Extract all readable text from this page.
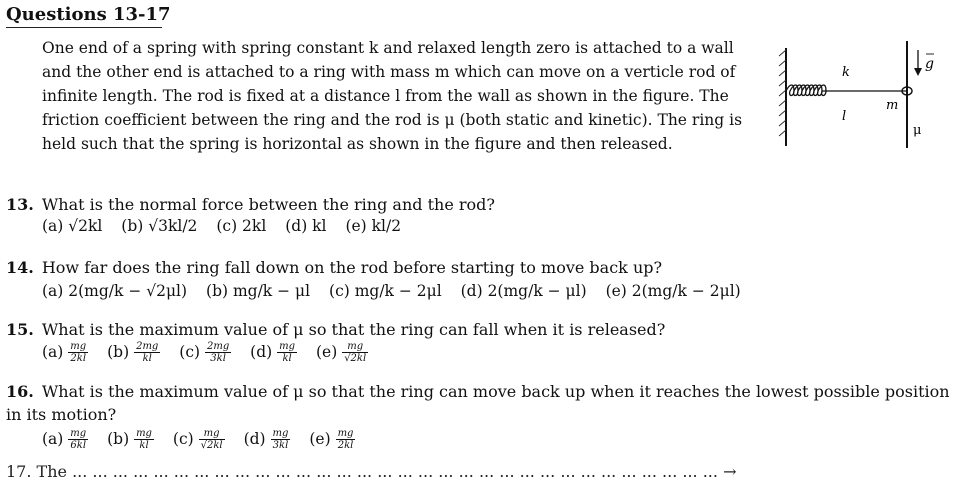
Questions 13-17

One end of a spring with spring constant k and relaxed length zero is attached to a wall and the other end is attached to a ring with mass m which can move on a verticle rod of infinite length. The rod is fixed at a distance l from the wall as shown in the figure. The friction coefficient between the ring and the rod is μ (both static and kinetic). The ring is held such that the spring is horizontal as shown in the figure and then released.

k
l
m
μ
g
13. What is the normal force between the ring and the rod?
(a) √2kl (b) √3kl/2 (c) 2kl (d) kl (e) kl/2
14. How far does the ring fall down on the rod before starting to move back up?
(a) 2(mg/k − √2μl) (b) mg/k − μl (c) mg/k − 2μl (d) 2(mg/k − μl) (e) 2(mg/k − 2μl)
15. What is the maximum value of μ so that the ring can fall when it is released?
$(a) \frac{mg}{2kl} (b) \frac{2mg}{kl} (c) \frac{2mg}{3kl} (d) \frac{mg}{kl} (e) \frac{mg}{√2kl}$
16. What is the maximum value of μ so that the ring can move back up when it reaches the lowest possible position in its motion?
$(a) \frac{mg}{6kl} (b) \frac{mg}{kl} (c) \frac{mg}{√2kl} (d) \frac{mg}{3kl} (e) \frac{mg}{2kl}$
17. The ... ... ... ... ... ... ... ... ... ... ... ... ... ... ... ... ... ... ... ... ... ... ... ... ... ... ... ... ... ... ... ... →
